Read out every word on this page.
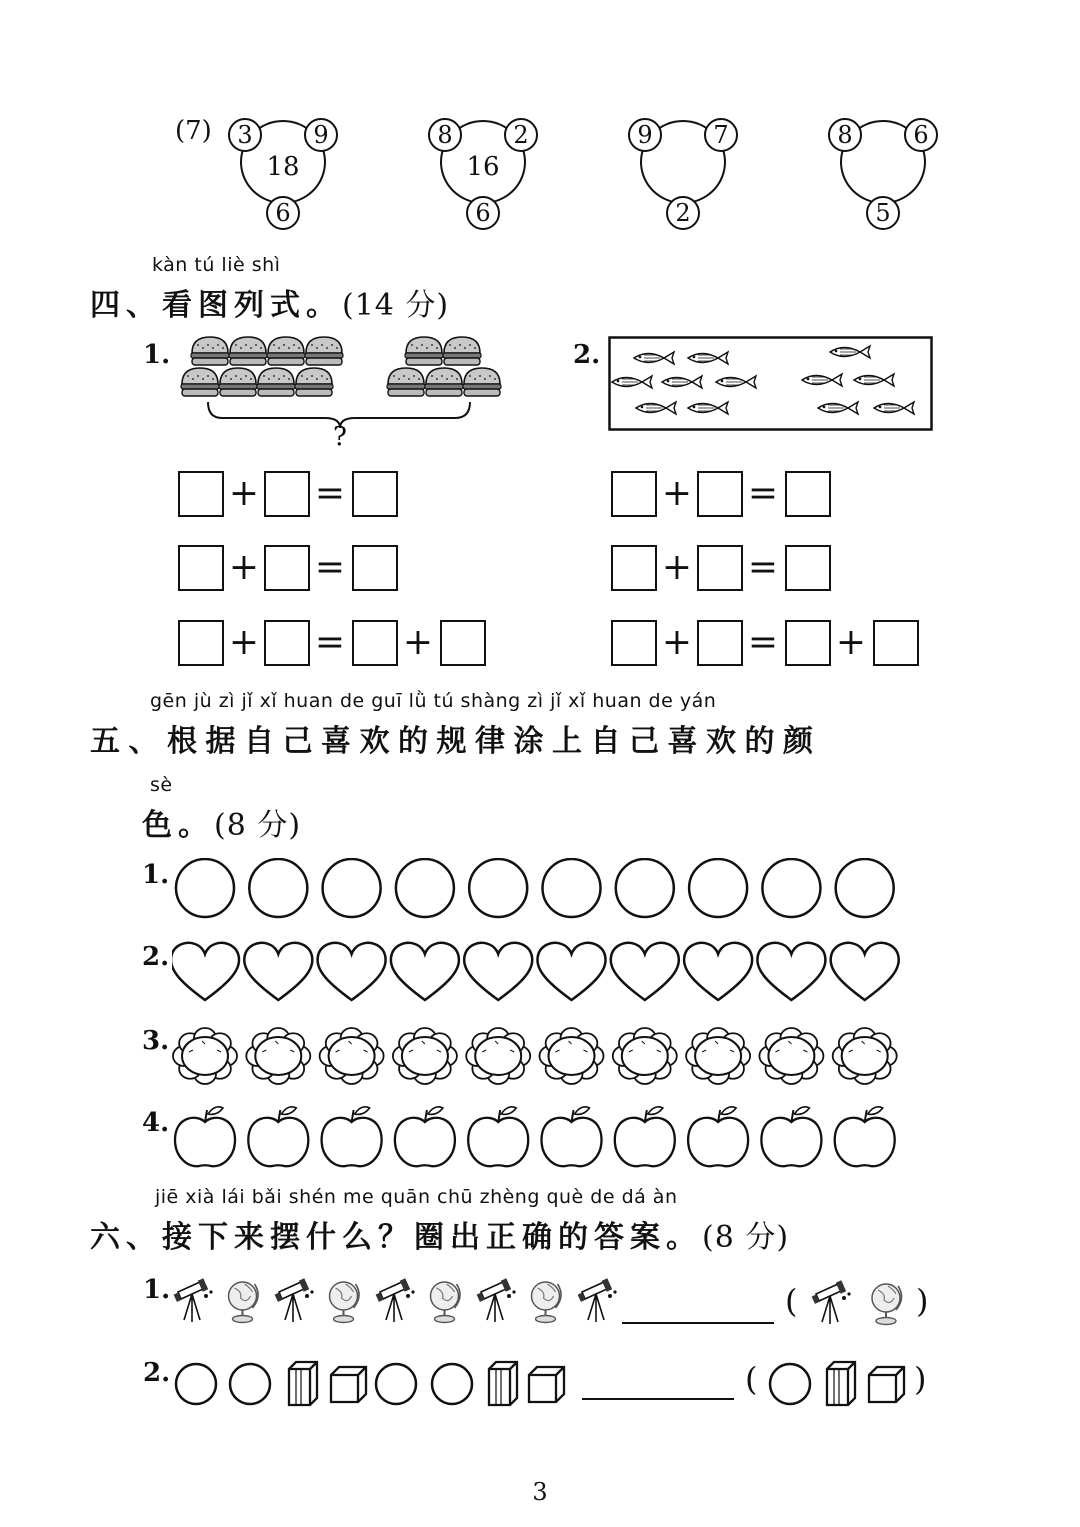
3	9
6
18
(7)	8	2
6
16
9	7
2
8	6
5
kàn tú liè shì
四、看图列式。(14 分)
1.
?
2.
+ =
+ =
+ = +
+ =
+ =
+ = +
gēn jù zì jǐ xǐ huan de guī lǜ tú shàng zì jǐ xǐ huan de yán
五、根据自己喜欢的规律涂上自己喜欢的颜
sè
色。(8 分)
1.
2.
3.
4.
jiē xià lái bǎi shén me quān chū zhèng què de dá àn
六、接下来摆什么？圈出正确的答案。(8 分)
1.	(	)
2.	(	)
3
